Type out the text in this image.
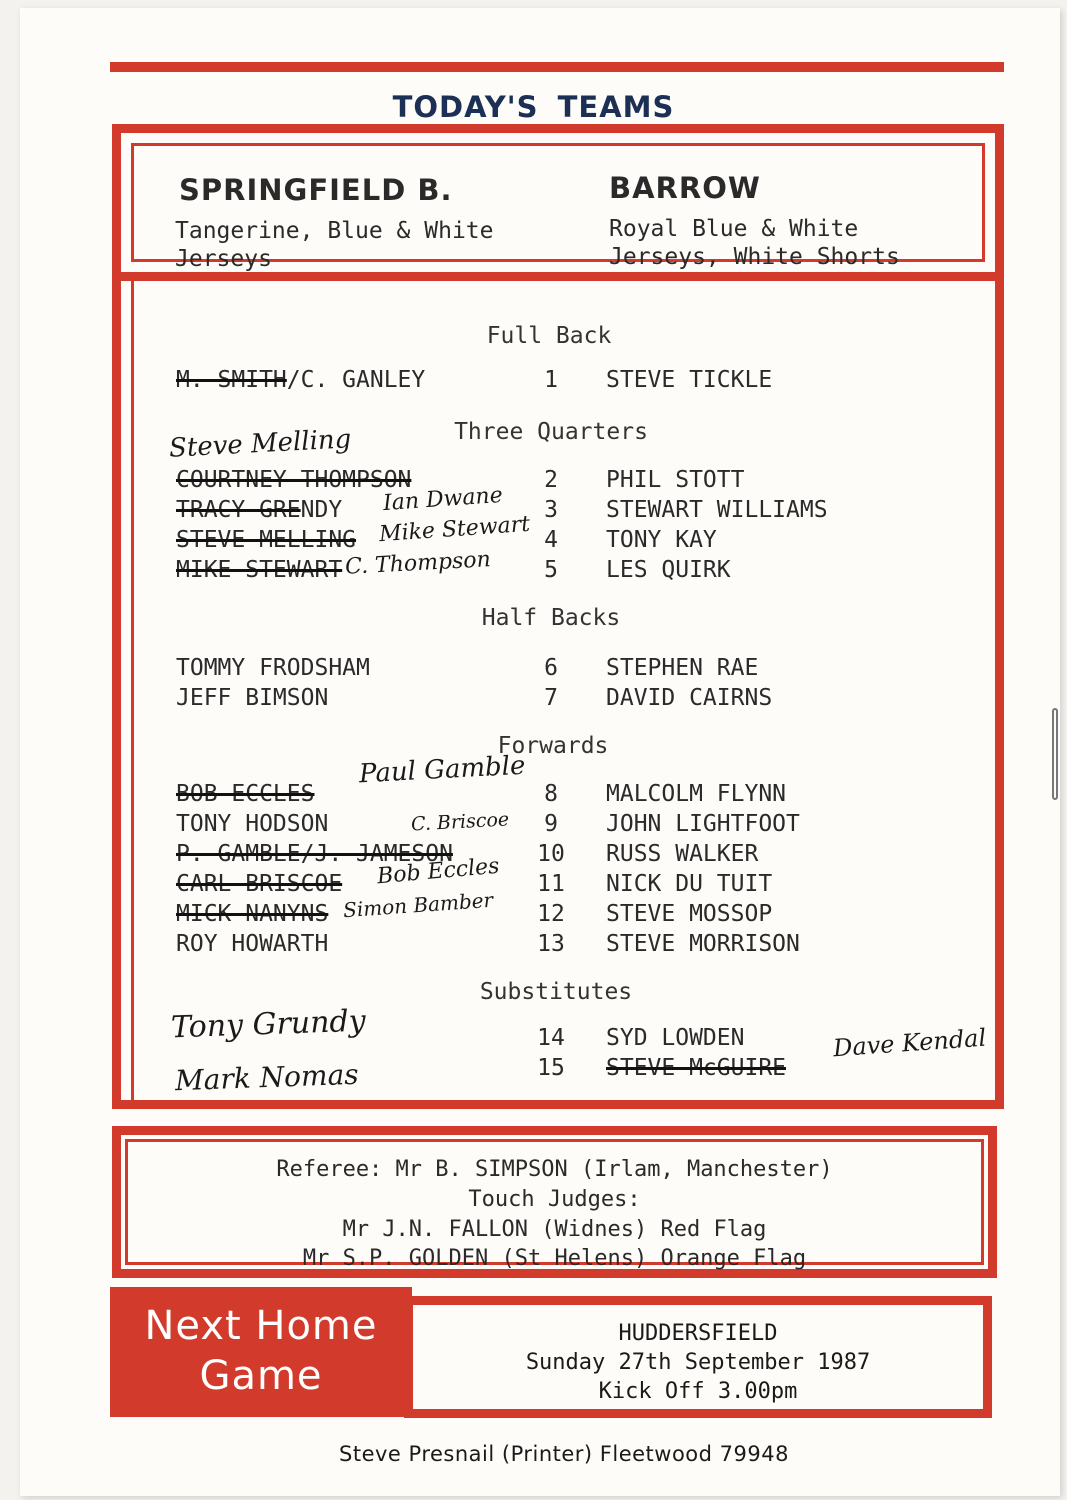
TODAY'S TEAMS
SPRINGFIELD B.
Tangerine, Blue & White
Jerseys
BARROW
Royal Blue & White
Jerseys, White Shorts
Full Back
M. SMITH/C. GANLEY	1	STEVE TICKLE
Three Quarters
Steve Melling
COURTNEY THOMPSON	2	PHIL STOTT
TRACY GRENDY	3	STEWART WILLIAMS
Ian Dwane
STEVE MELLING	4	TONY KAY
Mike Stewart
MIKE STEWART	5	LES QUIRK
C. Thompson
Half Backs
TOMMY FRODSHAM	6	STEPHEN RAE
JEFF BIMSON	7	DAVID CAIRNS
Forwards
Paul Gamble
BOB ECCLES	8	MALCOLM FLYNN
TONY HODSON	9	JOHN LIGHTFOOT
C. Briscoe
P. GAMBLE/J. JAMESON	10 RUSS WALKER
CARL BRISCOE	11 NICK DU TUIT
Bob Eccles
MICK NANYNS	12 STEVE MOSSOP
Simon Bamber
ROY HOWARTH	13 STEVE MORRISON
Substitutes
Tony Grundy	14 SYD LOWDEN
Mark Nomas	15 STEVE McGUIRE
Dave Kendal
Referee: Mr B. SIMPSON (Irlam, Manchester)
Touch Judges:
Mr J.N. FALLON (Widnes) Red Flag
Mr S.P. GOLDEN (St Helens) Orange Flag
Next Home
Game
HUDDERSFIELD
Sunday 27th September 1987
Kick Off 3.00pm
Steve Presnail (Printer) Fleetwood 79948
